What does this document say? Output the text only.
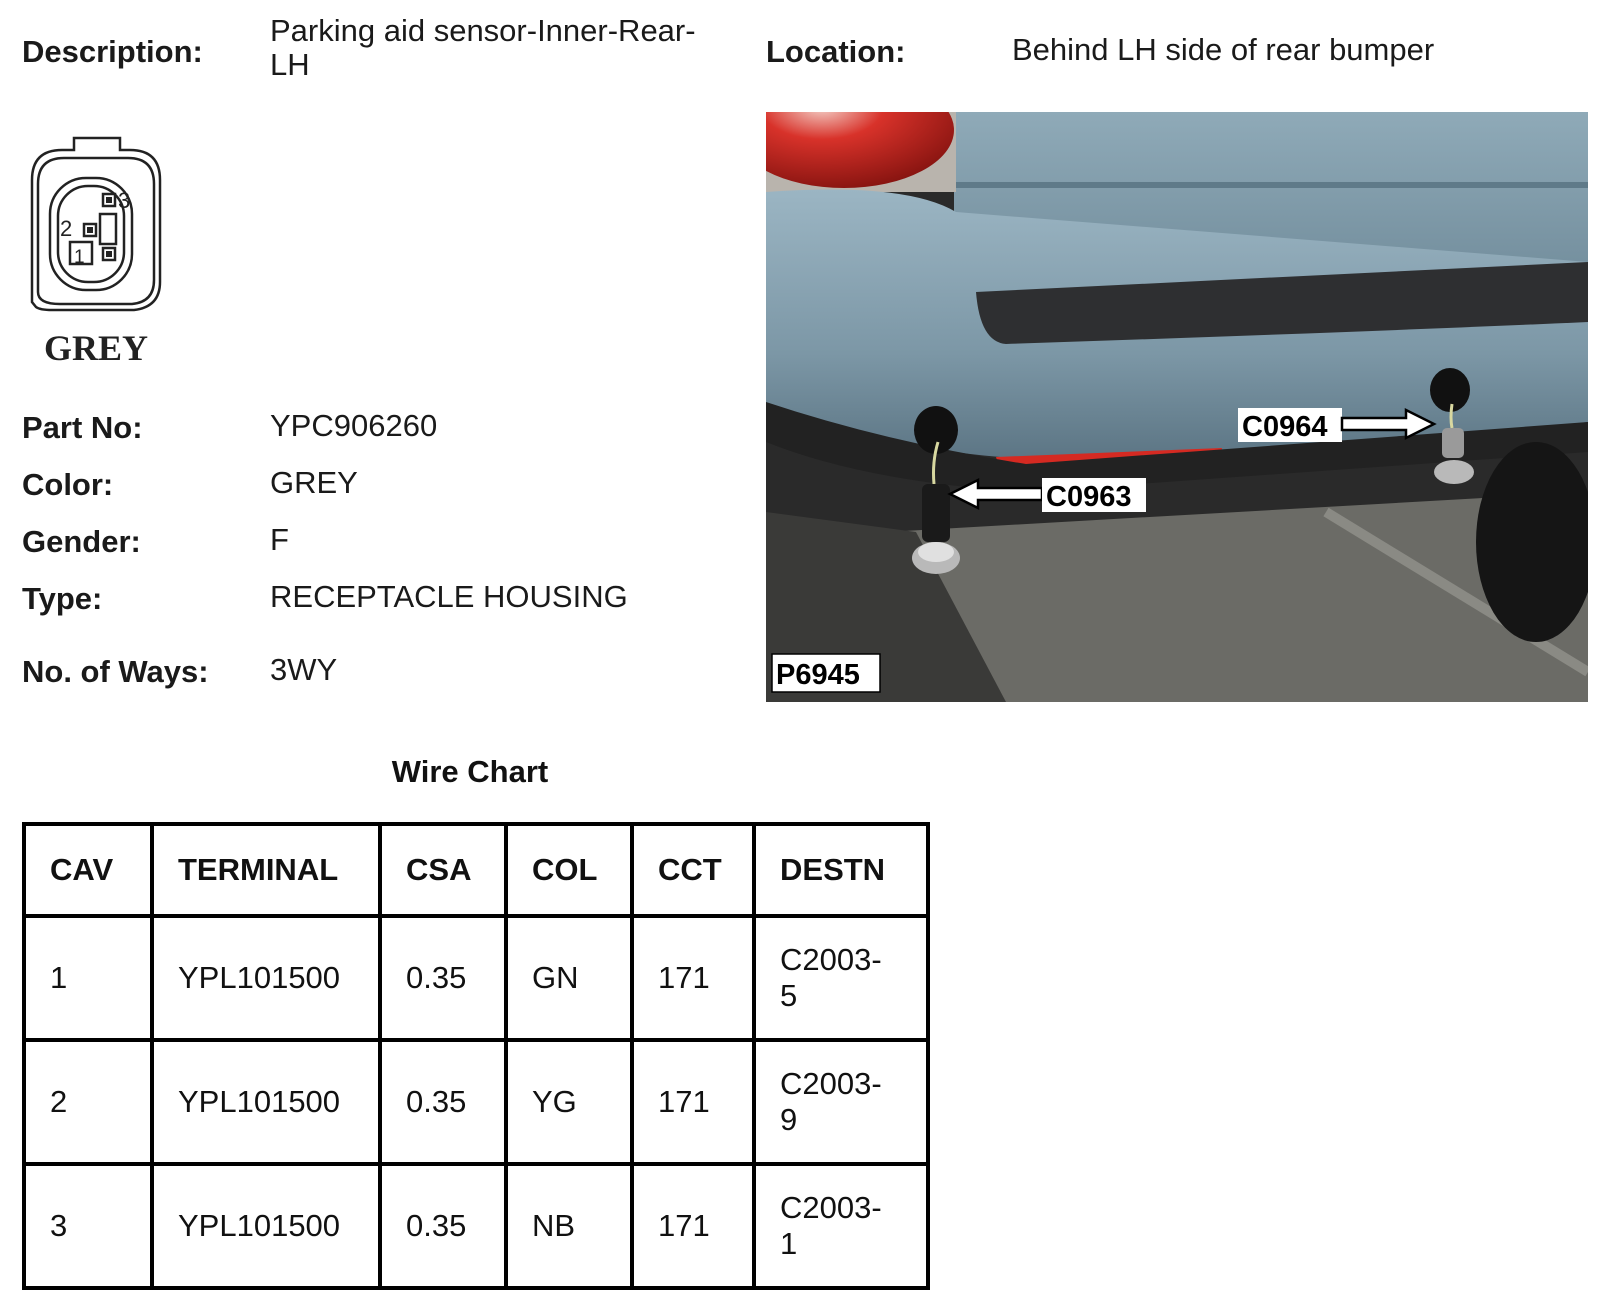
Description:
Parking aid sensor-Inner-Rear-LH	Location:	Behind LH side of rear bumper
1
2
3
GREY
Part No:	YPC906260
Color:	GREY
Gender:	F
Type:	RECEPTACLE HOUSING
No. of Ways: 3WY
C0963
C0964
P6945
Wire Chart
CAV	TERMINAL	CSA	COL	CCT	DESTN
1	YPL101500	0.35	GN	171	C2003-
5
2	YPL101500	0.35	YG	171	C2003-
9
3	YPL101500	0.35	NB	171	C2003-
1
